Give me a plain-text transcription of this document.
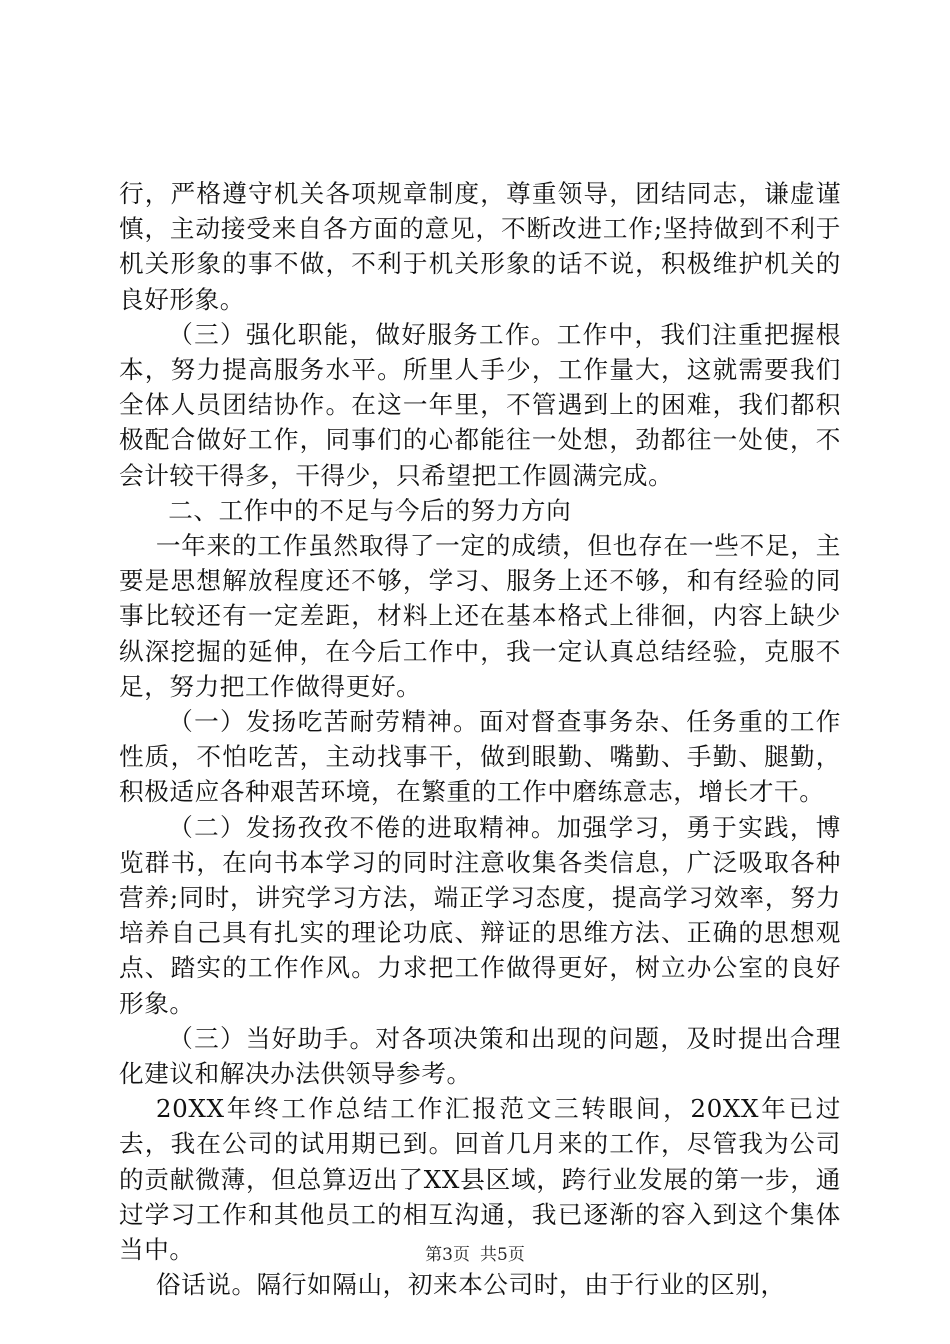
行，严格遵守机关各项规章制度，尊重领导，团结同志，谦虚谨慎，主动接受来自各方面的意见，不断改进工作;坚持做到不利于机关形象的事不做，不利于机关形象的话不说，积极维护机关的良好形象。

（三）强化职能，做好服务工作。工作中，我们注重把握根本，努力提高服务水平。所里人手少，工作量大，这就需要我们全体人员团结协作。在这一年里，不管遇到上的困难，我们都积极配合做好工作，同事们的心都能往一处想，劲都往一处使，不会计较干得多，干得少，只希望把工作圆满完成。

二、工作中的不足与今后的努力方向

一年来的工作虽然取得了一定的成绩，但也存在一些不足，主要是思想解放程度还不够，学习、服务上还不够，和有经验的同事比较还有一定差距，材料上还在基本格式上徘徊，内容上缺少纵深挖掘的延伸，在今后工作中，我一定认真总结经验，克服不足，努力把工作做得更好。

（一）发扬吃苦耐劳精神。面对督查事务杂、任务重的工作性质，不怕吃苦，主动找事干，做到眼勤、嘴勤、手勤、腿勤，积极适应各种艰苦环境，在繁重的工作中磨练意志，增长才干。

（二）发扬孜孜不倦的进取精神。加强学习，勇于实践，博览群书，在向书本学习的同时注意收集各类信息，广泛吸取各种营养;同时，讲究学习方法，端正学习态度，提高学习效率，努力培养自己具有扎实的理论功底、辩证的思维方法、正确的思想观点、踏实的工作作风。力求把工作做得更好，树立办公室的良好形象。

（三）当好助手。对各项决策和出现的问题，及时提出合理化建议和解决办法供领导参考。

20XX年终工作总结工作汇报范文三转眼间，20XX年已过去，我在公司的试用期已到。回首几月来的工作，尽管我为公司的贡献微薄，但总算迈出了XX县区域，跨行业发展的第一步，通过学习工作和其他员工的相互沟通，我已逐渐的容入到这个集体当中。

俗话说。隔行如隔山，初来本公司时，由于行业的区别，

第3页 共5页
